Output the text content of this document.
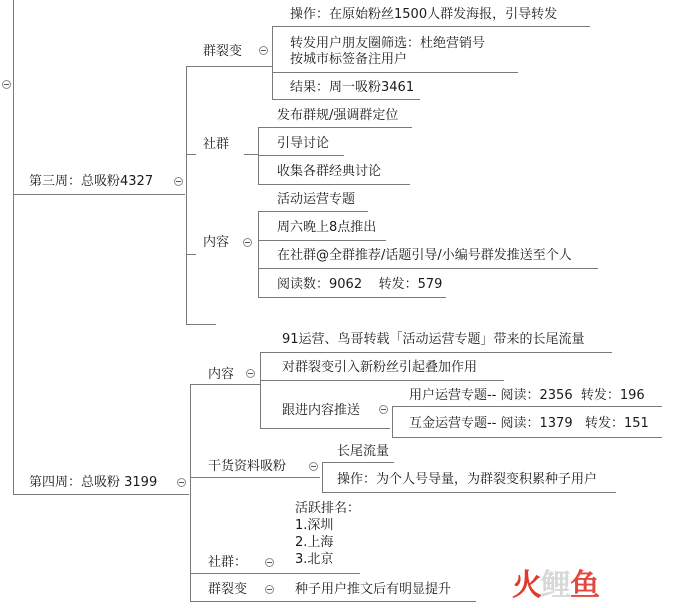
第三周：总吸粉4327
群裂变
操作：在原始粉丝1500人群发海报，引导转发
转发用户朋友圈筛选：杜绝营销号
按城市标签备注用户
结果：周一吸粉3461
社群
发布群规/强调群定位
引导讨论
收集各群经典讨论
内容
活动运营专题
周六晚上8点推出
在社群@全群推荐/话题引导/小编号群发推送至个人
阅读数：9062    转发：579
第四周：总吸粉 3199
内容
91运营、鸟哥转载「活动运营专题」带来的长尾流量
对群裂变引入新粉丝引起叠加作用
跟进内容推送
用户运营专题-- 阅读：2356  转发：196
互金运营专题-- 阅读：1379   转发：151
干货资料吸粉
长尾流量
操作：为个人号导量，为群裂变积累种子用户
社群：
活跃排名：
1.深圳
2.上海
3.北京
群裂变	种子用户推文后有明显提升 火鲤鱼
